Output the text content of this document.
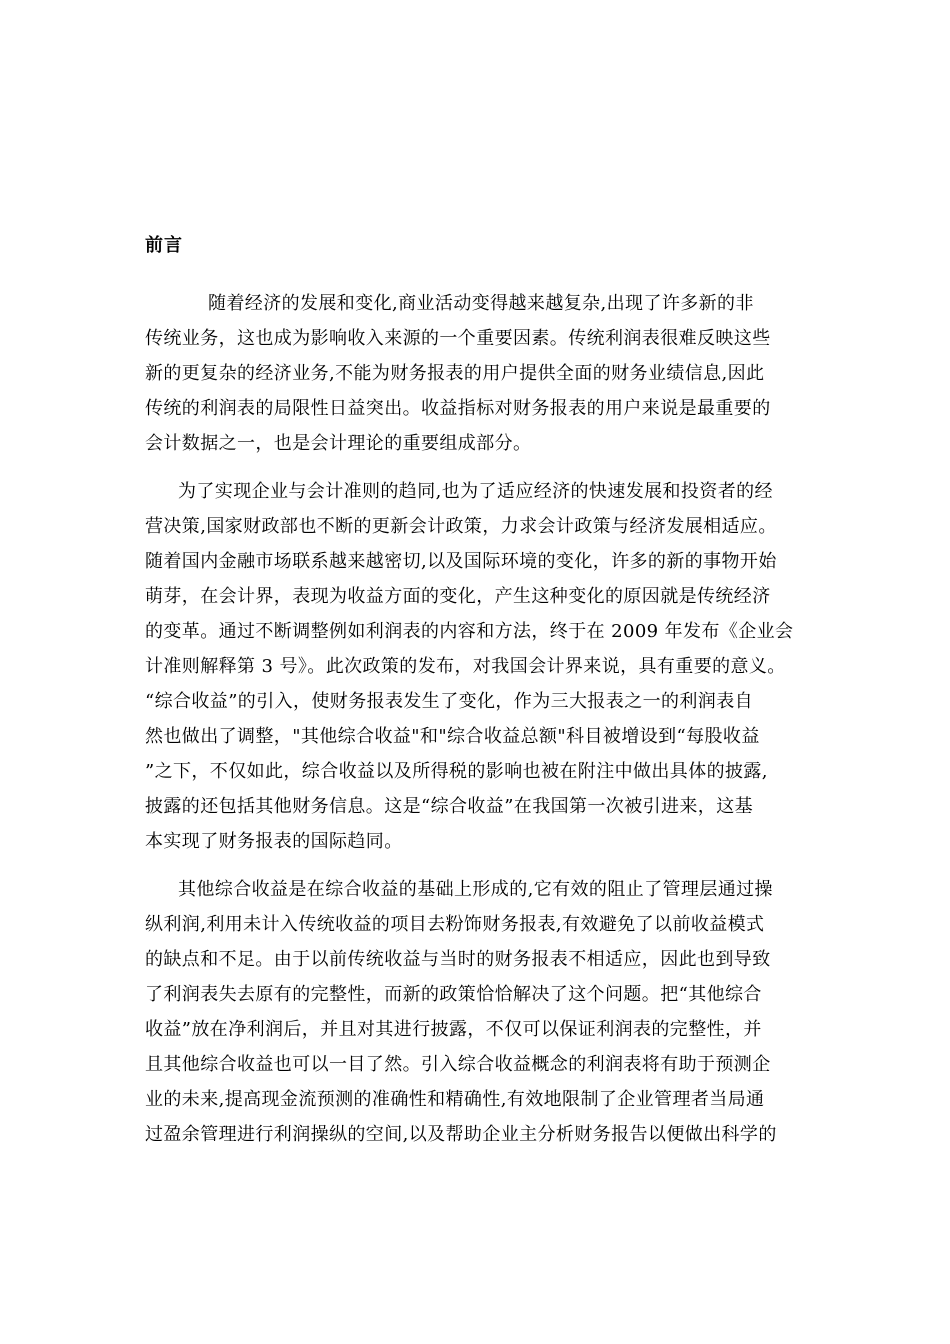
前言
随着经济的发展和变化,商业活动变得越来越复杂,出现了许多新的非
传统业务，这也成为影响收入来源的一个重要因素。传统利润表很难反映这些
新的更复杂的经济业务,不能为财务报表的用户提供全面的财务业绩信息,因此
传统的利润表的局限性日益突出。收益指标对财务报表的用户来说是最重要的
会计数据之一，也是会计理论的重要组成部分。
为了实现企业与会计准则的趋同,也为了适应经济的快速发展和投资者的经
营决策,国家财政部也不断的更新会计政策，力求会计政策与经济发展相适应。
随着国内金融市场联系越来越密切,以及国际环境的变化，许多的新的事物开始
萌芽，在会计界，表现为收益方面的变化，产生这种变化的原因就是传统经济
的变革。通过不断调整例如利润表的内容和方法，终于在 2009 年发布《企业会
计准则解释第 3 号》。此次政策的发布，对我国会计界来说，具有重要的意义。
“综合收益”的引入，使财务报表发生了变化，作为三大报表之一的利润表自
然也做出了调整，"其他综合收益"和"综合收益总额"科目被增设到“每股收益
”之下，不仅如此，综合收益以及所得税的影响也被在附注中做出具体的披露,
披露的还包括其他财务信息。这是“综合收益”在我国第一次被引进来，这基
本实现了财务报表的国际趋同。
其他综合收益是在综合收益的基础上形成的,它有效的阻止了管理层通过操
纵利润,利用未计入传统收益的项目去粉饰财务报表,有效避免了以前收益模式
的缺点和不足。由于以前传统收益与当时的财务报表不相适应，因此也到导致
了利润表失去原有的完整性，而新的政策恰恰解决了这个问题。把“其他综合
收益”放在净利润后，并且对其进行披露，不仅可以保证利润表的完整性，并
且其他综合收益也可以一目了然。引入综合收益概念的利润表将有助于预测企
业的未来,提高现金流预测的准确性和精确性,有效地限制了企业管理者当局通
过盈余管理进行利润操纵的空间,以及帮助企业主分析财务报告以便做出科学的
